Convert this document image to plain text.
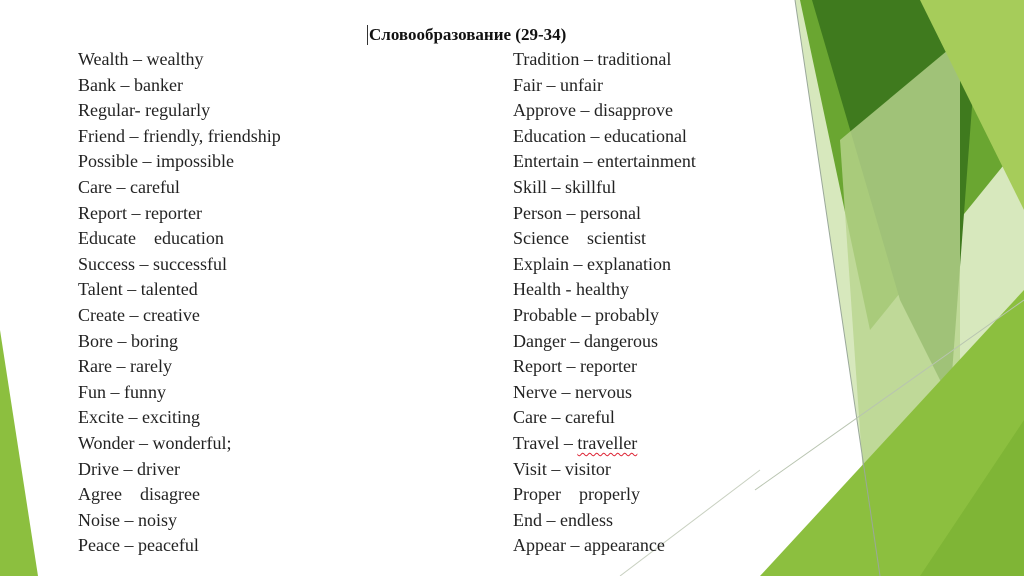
Словообразование (29-34)
Wealth – wealthy
Bank – banker
Regular- regularly
Friend – friendly, friendship
Possible – impossible
Care – careful
Report – reporter
Educate    education
Success – successful
Talent – talented
Create – creative
Bore – boring
Rare – rarely
Fun – funny
Excite – exciting
Wonder – wonderful;
Drive – driver
Agree    disagree
Noise – noisy
Peace – peaceful
Tradition – traditional
Fair – unfair
Approve – disapprove
Education – educational
Entertain – entertainment
Skill – skillful
Person – personal
Science    scientist
Explain – explanation
Health - healthy
Probable – probably
Danger – dangerous
Report – reporter
Nerve – nervous
Care – careful
Travel – traveller
Visit – visitor
Proper    properly
End – endless
Appear – appearance
